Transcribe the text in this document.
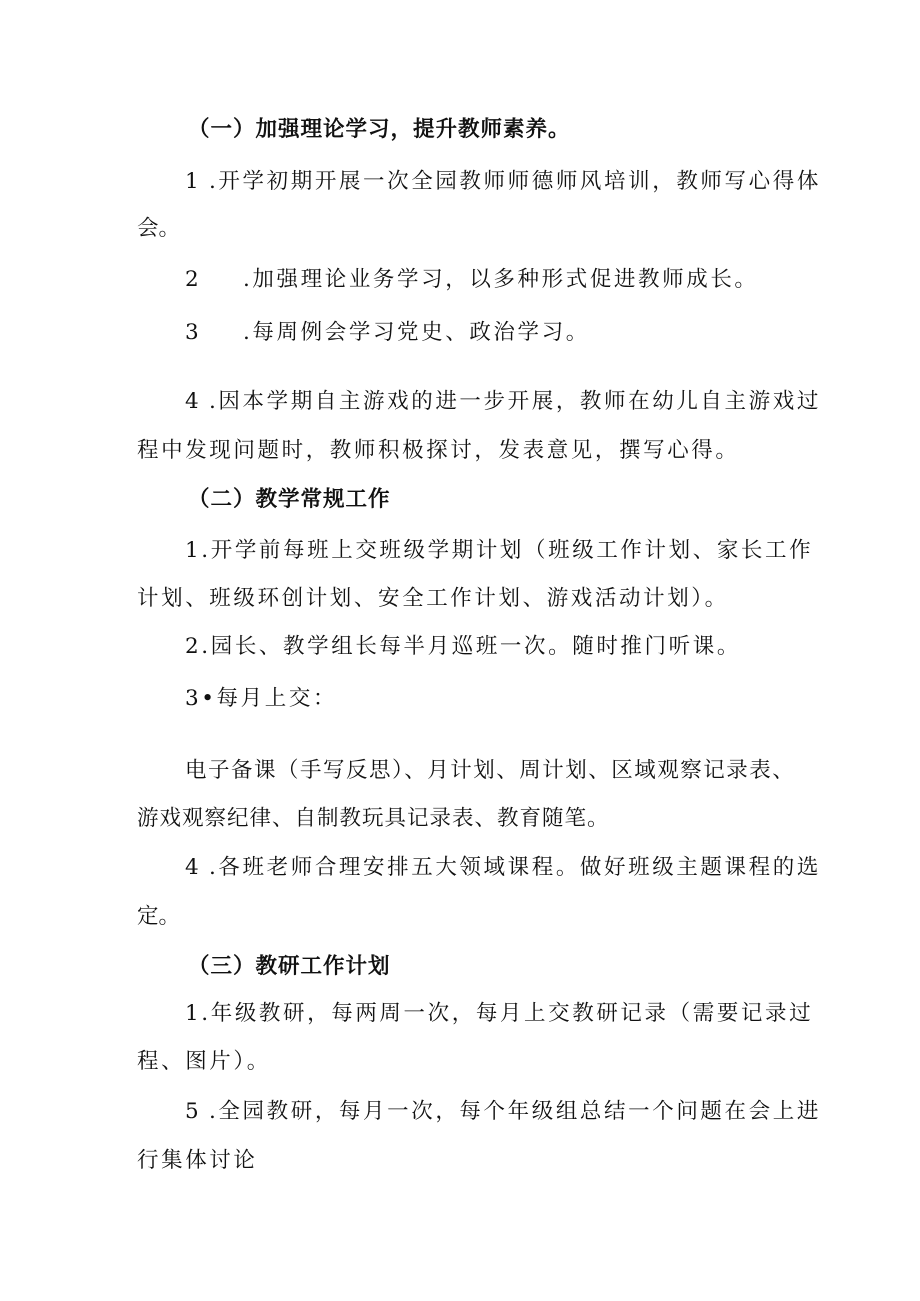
（一）加强理论学习，提升教师素养。
1 .开学初期开展一次全园教师师德师风培训，教师写心得体
会。
2 .加强理论业务学习，以多种形式促进教师成长。
3 .每周例会学习党史、政治学习。
4 .因本学期自主游戏的进一步开展，教师在幼儿自主游戏过
程中发现问题时，教师积极探讨，发表意见，撰写心得。
（二）教学常规工作
1.开学前每班上交班级学期计划（班级工作计划、家长工作
计划、班级环创计划、安全工作计划、游戏活动计划）。
2.园长、教学组长每半月巡班一次。随时推门听课。
3•每月上交：
电子备课（手写反思）、月计划、周计划、区域观察记录表、
游戏观察纪律、自制教玩具记录表、教育随笔。
4 .各班老师合理安排五大领域课程。做好班级主题课程的选
定。
（三）教研工作计划
1.年级教研，每两周一次，每月上交教研记录（需要记录过
程、图片）。
5 .全园教研，每月一次，每个年级组总结一个问题在会上进
行集体讨论
